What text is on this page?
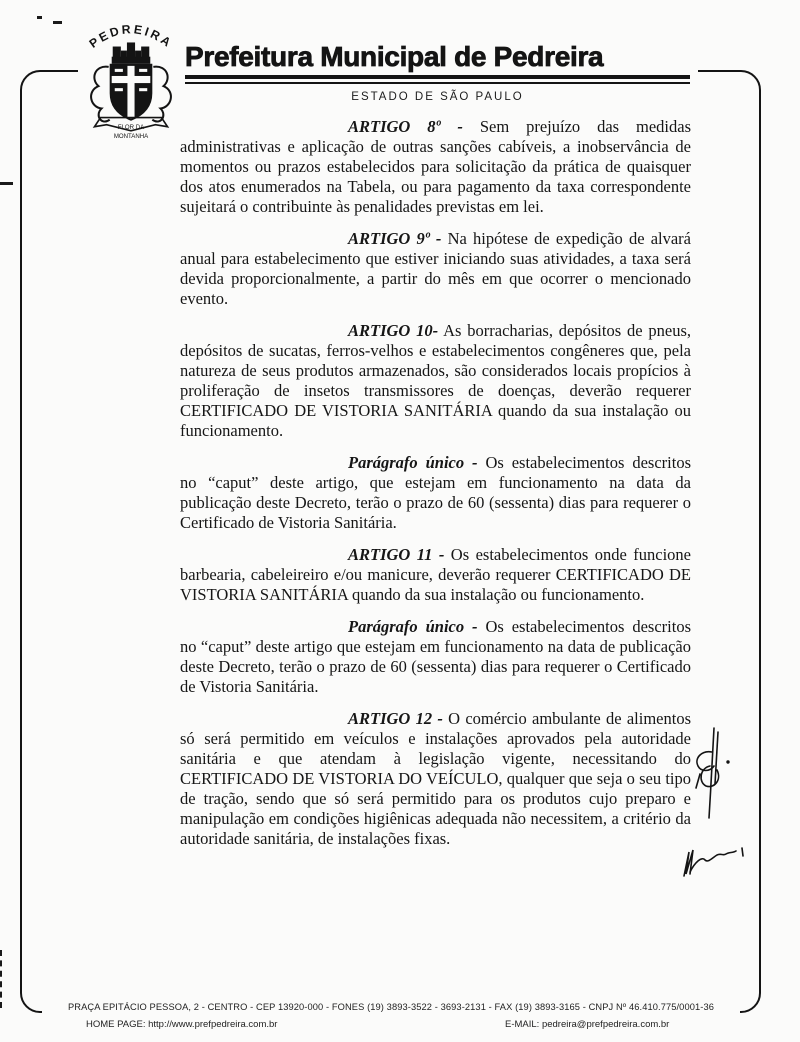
PEDREIRA
FLOR DA
MONTANHA
Prefeitura Municipal de Pedreira
ESTADO DE SÃO PAULO

ARTIGO 8º - Sem prejuízo das medidas administrativas e aplicação de outras sanções cabíveis, a inobservância de momentos ou prazos estabelecidos para solicitação da prática de quaisquer dos atos enumerados na Tabela, ou para pagamento da taxa correspondente sujeitará o contribuinte às penalidades previstas em lei.

ARTIGO 9º - Na hipótese de expedição de alvará anual para estabelecimento que estiver iniciando suas atividades, a taxa será devida proporcionalmente, a partir do mês em que ocorrer o mencionado evento.

ARTIGO 10- As borracharias, depósitos de pneus, depósitos de sucatas, ferros-velhos e estabelecimentos congêneres que, pela natureza de seus produtos armazenados, são considerados locais propícios à proliferação de insetos transmissores de doenças, deverão requerer CERTIFICADO DE VISTORIA SANITÁRIA quando da sua instalação ou funcionamento.

Parágrafo único - Os estabelecimentos descritos no “caput” deste artigo, que estejam em funcionamento na data da publicação deste Decreto, terão o prazo de 60 (sessenta) dias para requerer o Certificado de Vistoria Sanitária.

ARTIGO 11 - Os estabelecimentos onde funcione barbearia, cabeleireiro e/ou manicure, deverão requerer CERTIFICADO DE VISTORIA SANITÁRIA quando da sua instalação ou funcionamento.

Parágrafo único - Os estabelecimentos descritos no “caput” deste artigo que estejam em funcionamento na data de publicação deste Decreto, terão o prazo de 60 (sessenta) dias para requerer o Certificado de Vistoria Sanitária.

ARTIGO 12 - O comércio ambulante de alimentos só será permitido em veículos e instalações aprovados pela autoridade sanitária e que atendam à legislação vigente, necessitando do CERTIFICADO DE VISTORIA DO VEÍCULO, qualquer que seja o seu tipo de tração, sendo que só será permitido para os produtos cujo preparo e manipulação em condições higiênicas adequada não necessitem, a critério da autoridade sanitária, de instalações fixas.

PRAÇA EPITÁCIO PESSOA, 2 - CENTRO - CEP 13920-000 - FONES (19) 3893-3522 - 3693-2131 - FAX (19) 3893-3165 - CNPJ Nº 46.410.775/0001-36
HOME PAGE: http://www.prefpedreira.com.br	E-MAIL: pedreira@prefpedreira.com.br
